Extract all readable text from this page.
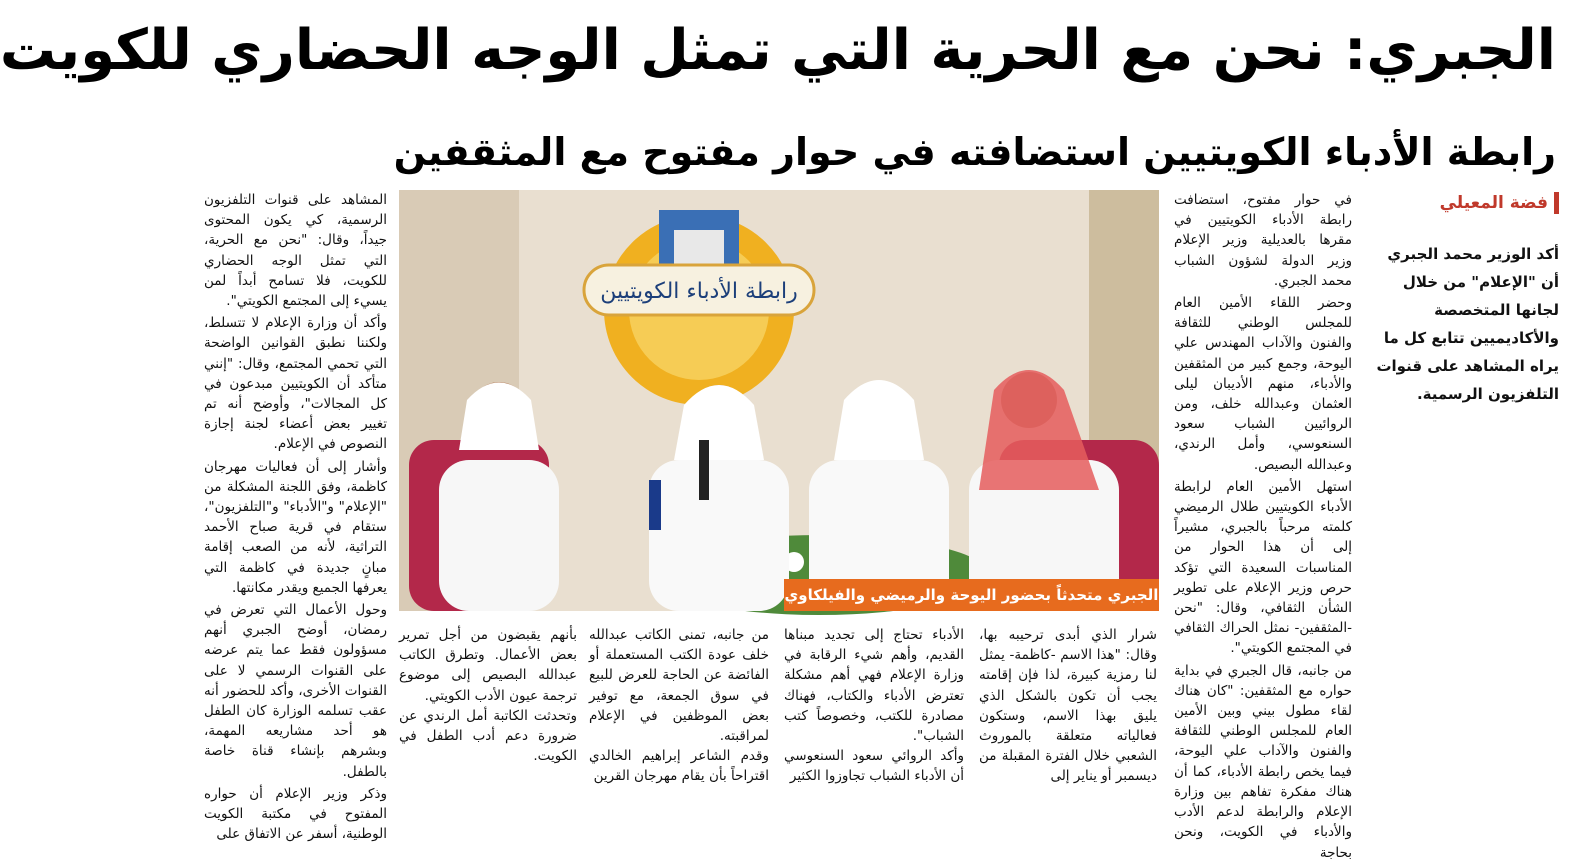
الجبري: نحن مع الحرية التي تمثل الوجه الحضاري للكويت
رابطة الأدباء الكويتيين استضافته في حوار مفتوح مع المثقفين
فضة المعيلي
أكد الوزير محمد الجبري أن "الإعلام" من خلال لجانها المتخصصة والأكاديميين تتابع كل ما يراه المشاهد على قنوات التلفزيون الرسمية.

في حوار مفتوح، استضافت رابطة الأدباء الكويتيين في مقرها بالعديلية وزير الإعلام وزير الدولة لشؤون الشباب محمد الجبري.

وحضر اللقاء الأمين العام للمجلس الوطني للثقافة والفنون والآداب المهندس علي اليوحة، وجمع كبير من المثقفين والأدباء، منهم الأديبان ليلى العثمان وعبدالله خلف، ومن الروائيين الشباب سعود السنعوسي، وأمل الرندي، وعبدالله البصيص.

استهل الأمين العام لرابطة الأدباء الكويتيين طلال الرميضي كلمته مرحباً بالجبري، مشيراً إلى أن هذا الحوار من المناسبات السعيدة التي تؤكد حرص وزير الإعلام على تطوير الشأن الثقافي، وقال: "نحن -المثقفين- نمثل الحراك الثقافي في المجتمع الكويتي".

من جانبه، قال الجبري في بداية حواره مع المثقفين: "كان هناك لقاء مطول بيني وبين الأمين العام للمجلس الوطني للثقافة والفنون والآداب علي اليوحة، فيما يخص رابطة الأدباء، كما أن هناك مفكرة تفاهم بين وزارة الإعلام والرابطة لدعم الأدب والأدباء في الكويت، ونحن بحاجة

المشاهد على قنوات التلفزيون الرسمية، كي يكون المحتوى جيداً، وقال: "نحن مع الحرية، التي تمثل الوجه الحضاري للكويت، فلا تسامح أبداً لمن يسيء إلى المجتمع الكويتي".

وأكد أن وزارة الإعلام لا تتسلط، ولكننا نطبق القوانين الواضحة التي تحمي المجتمع، وقال: "إنني متأكد أن الكويتيين مبدعون في كل المجالات"، وأوضح أنه تم تغيير بعض أعضاء لجنة إجازة النصوص في الإعلام.

وأشار إلى أن فعاليات مهرجان كاظمة، وفق اللجنة المشكلة من "الإعلام" و"الأدباء" و"التلفزيون"، ستقام في قرية صباح الأحمد التراثية، لأنه من الصعب إقامة مبانٍ جديدة في كاظمة التي يعرفها الجميع ويقدر مكانتها.

وحول الأعمال التي تعرض في رمضان، أوضح الجبري أنهم مسؤولون فقط عما يتم عرضه على القنوات الرسمي لا على القنوات الأخرى، وأكد للحضور أنه عقب تسلمه الوزارة كان الطفل هو أحد مشاريعه المهمة، وبشرهم بإنشاء قناة خاصة بالطفل.

وذكر وزير الإعلام أن حواره المفتوح في مكتبة الكويت الوطنية، أسفر عن الاتفاق على

شرار الذي أبدى ترحيبه بها، وقال: "هذا الاسم -كاظمة- يمثل لنا رمزية كبيرة، لذا فإن إقامته يجب أن تكون بالشكل الذي يليق بهذا الاسم، وستكون فعالياته متعلقة بالموروث الشعبي خلال الفترة المقبلة من ديسمبر أو يناير إلى
الأدباء تحتاج إلى تجديد مبناها القديم، وأهم شيء الرقابة في وزارة الإعلام فهي أهم مشكلة تعترض الأدباء والكتاب، فهناك مصادرة للكتب، وخصوصاً كتب الشباب".
وأكد الروائي سعود السنعوسي أن الأدباء الشباب تجاوزوا الكثير
من جانبه، تمنى الكاتب عبدالله خلف عودة الكتب المستعملة أو الفائضة عن الحاجة للعرض للبيع في سوق الجمعة، مع توفير بعض الموظفين في الإعلام لمراقبته.
وقدم الشاعر إبراهيم الخالدي اقتراحاً بأن يقام مهرجان القرين
بأنهم يقبضون من أجل تمرير بعض الأعمال. وتطرق الكاتب عبدالله البصيص إلى موضوع ترجمة عيون الأدب الكويتي.
وتحدثت الكاتبة أمل الرندي عن ضرورة دعم أدب الطفل في الكويت.
رابطة الأدباء الكويتيين
الجبري متحدثاً بحضور اليوحة والرميضي والفيلكاوي
